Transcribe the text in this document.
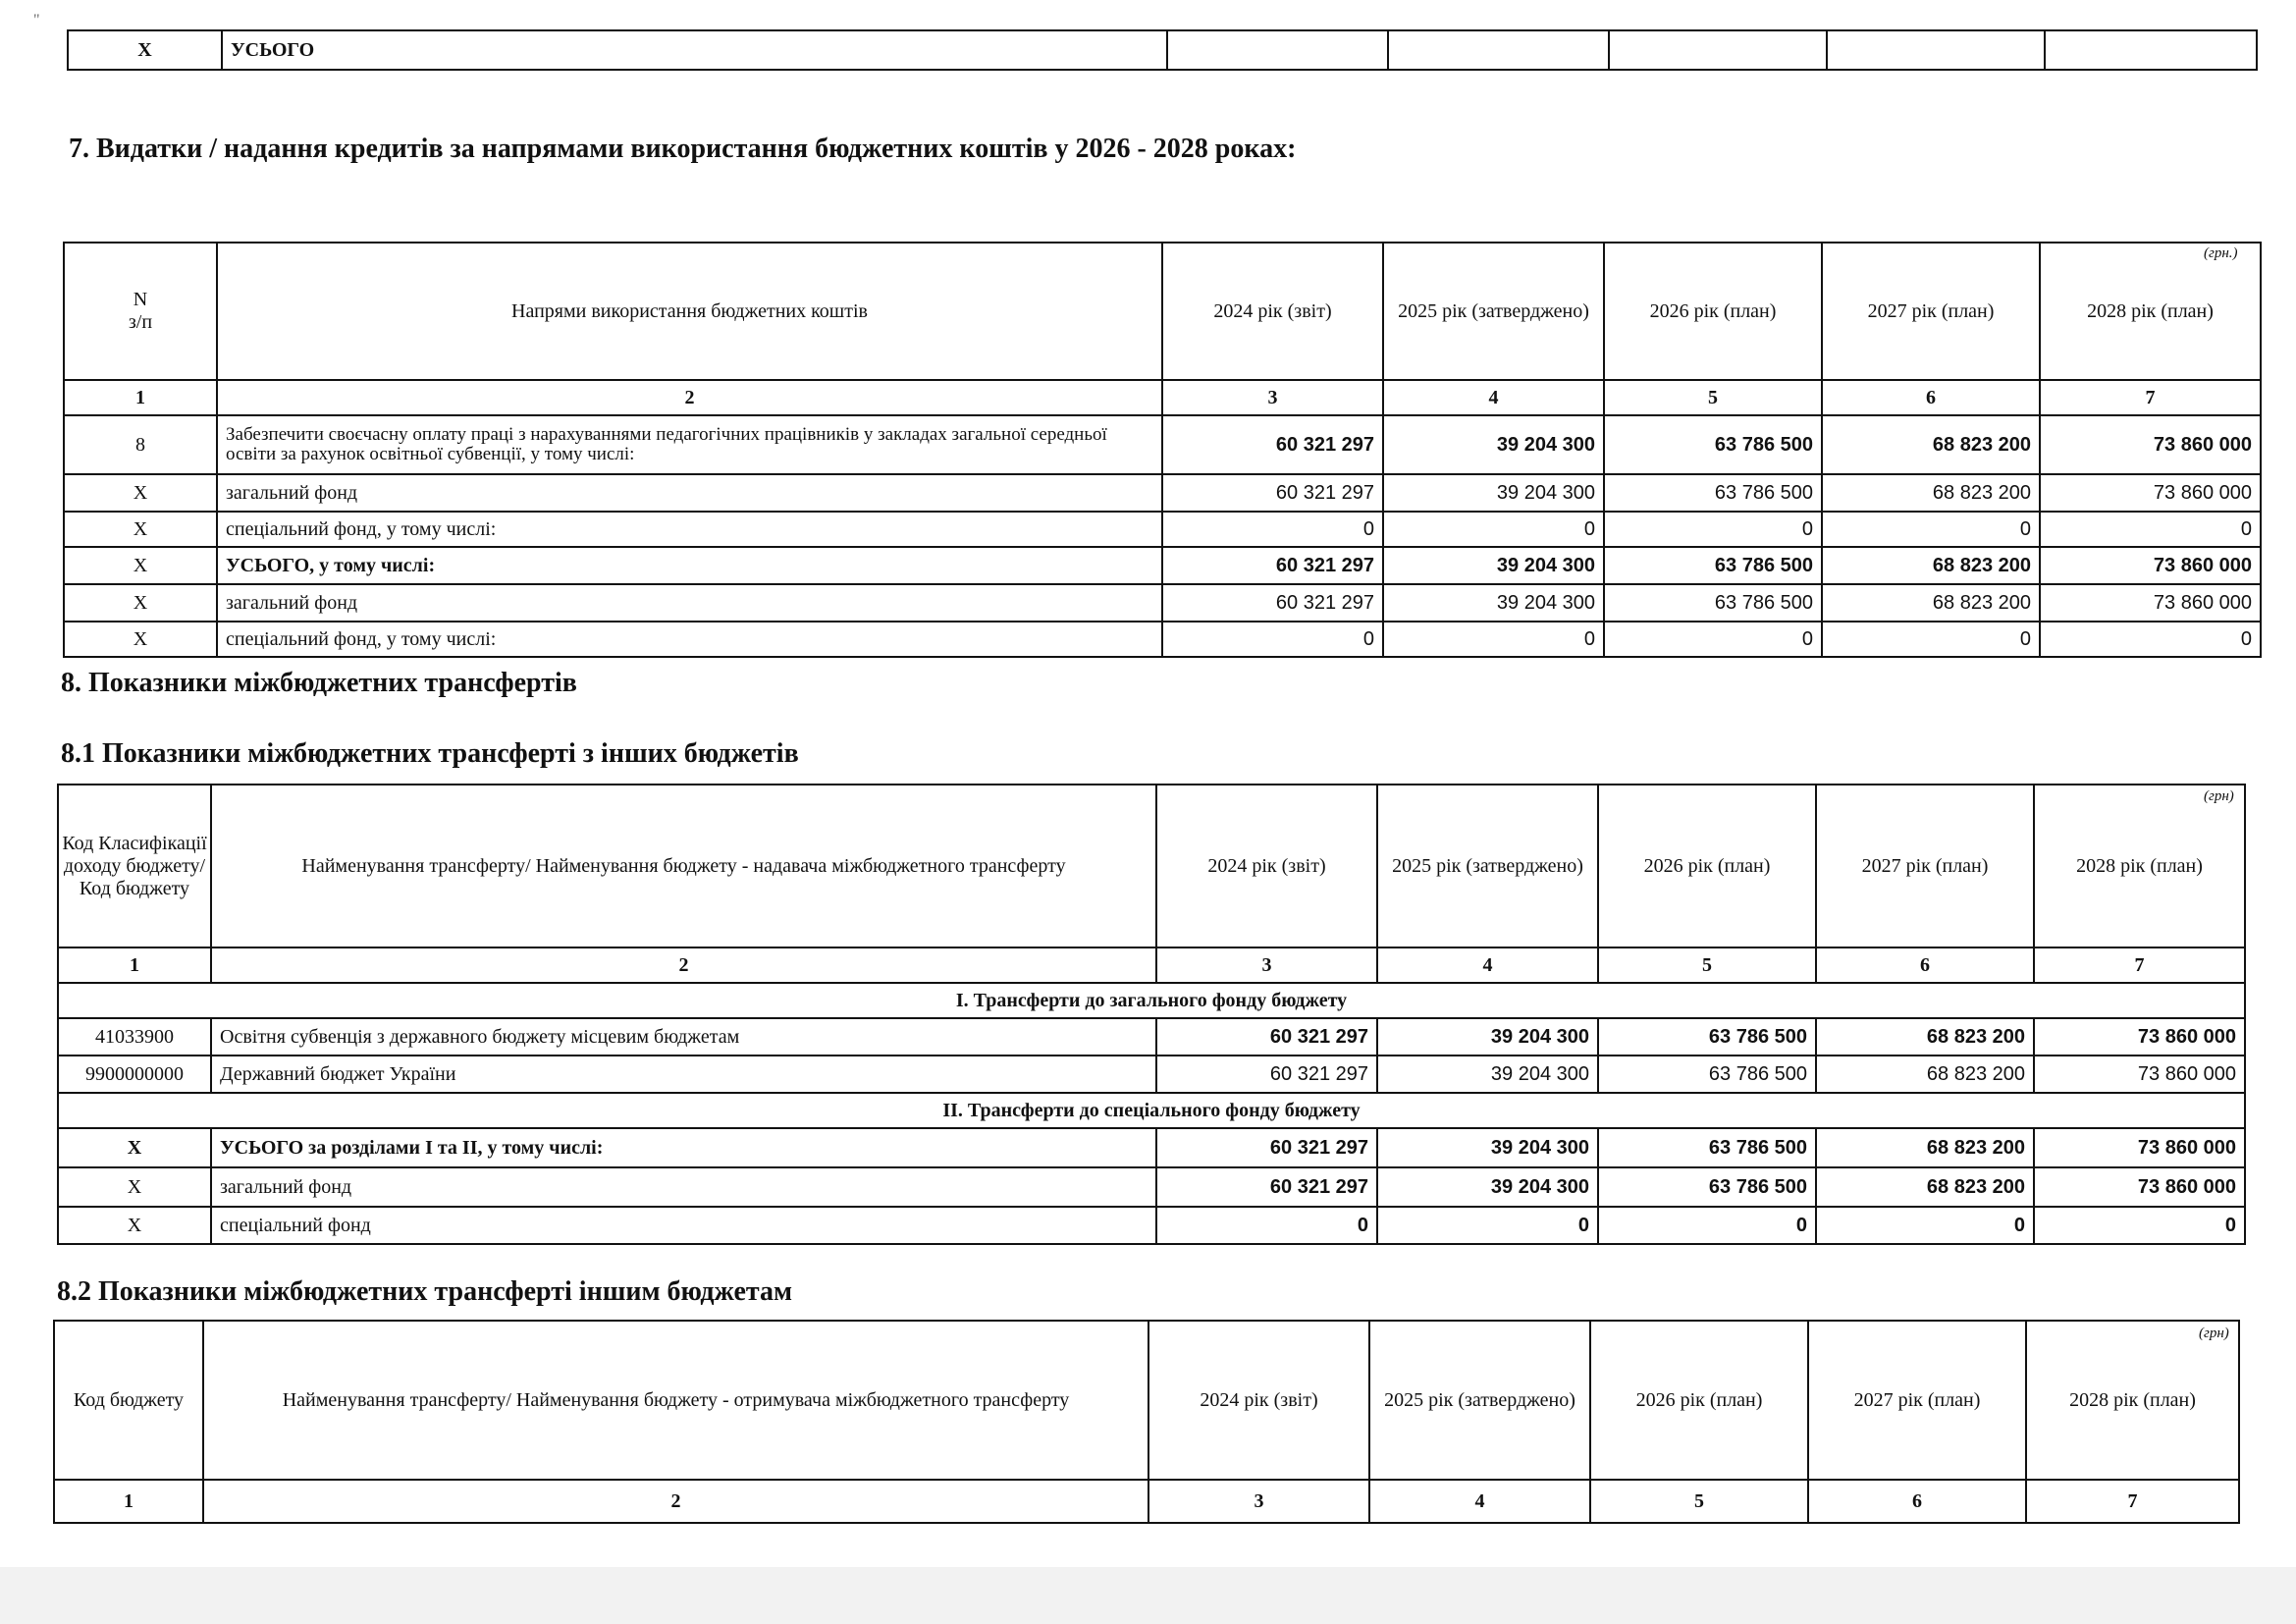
"
Х	УСЬОГО					
7. Видатки / надання кредитів за напрямами використання бюджетних коштів у 2026 - 2028 роках:
(грн.)
N
з/п	Напрями використання бюджетних коштів	2024 рік (звіт)	2025 рік (затверджено)	2026 рік (план)	2027 рік (план)	2028 рік (план)
1	2	3	4	5	6	7
8	Забезпечити своєчасну оплату праці з нарахуваннями педагогічних працівників у закладах загальної середньої освіти за рахунок освітньої субвенції, у тому числі:	60 321 297	39 204 300	63 786 500	68 823 200	73 860 000
Х	загальний фонд	60 321 297	39 204 300	63 786 500	68 823 200	73 860 000
Х	спеціальний фонд, у тому числі:	0	0	0	0	0
Х	УСЬОГО, у тому числі:	60 321 297	39 204 300	63 786 500	68 823 200	73 860 000
Х	загальний фонд	60 321 297	39 204 300	63 786 500	68 823 200	73 860 000
Х	спеціальний фонд, у тому числі:	0	0	0	0	0
8. Показники міжбюджетних трансфертів
8.1 Показники міжбюджетних трансферті з інших бюджетів
(грн)
Код Класифікації доходу бюджету/Код бюджету	Найменування трансферту/ Найменування бюджету - надавача міжбюджетного трансферту	2024 рік (звіт)	2025 рік (затверджено)	2026 рік (план)	2027 рік (план)	2028 рік (план)
1	2	3	4	5	6	7
І. Трансферти до загального фонду бюджету						
41033900	Освітня субвенція з державного бюджету місцевим бюджетам	60 321 297	39 204 300	63 786 500	68 823 200	73 860 000
9900000000	Державний бюджет України	60 321 297	39 204 300	63 786 500	68 823 200	73 860 000
ІІ. Трансферти до спеціального фонду бюджету						
Х	УСЬОГО за розділами І та ІІ, у тому числі:	60 321 297	39 204 300	63 786 500	68 823 200	73 860 000
Х	загальний фонд	60 321 297	39 204 300	63 786 500	68 823 200	73 860 000
Х	спеціальний фонд	0	0	0	0	0
8.2 Показники міжбюджетних трансферті іншим бюджетам
(грн)
Код бюджету	Найменування трансферту/ Найменування бюджету - отримувача міжбюджетного трансферту	2024 рік (звіт)	2025 рік (затверджено)	2026 рік (план)	2027 рік (план)	2028 рік (план)
1	2	3	4	5	6	7
